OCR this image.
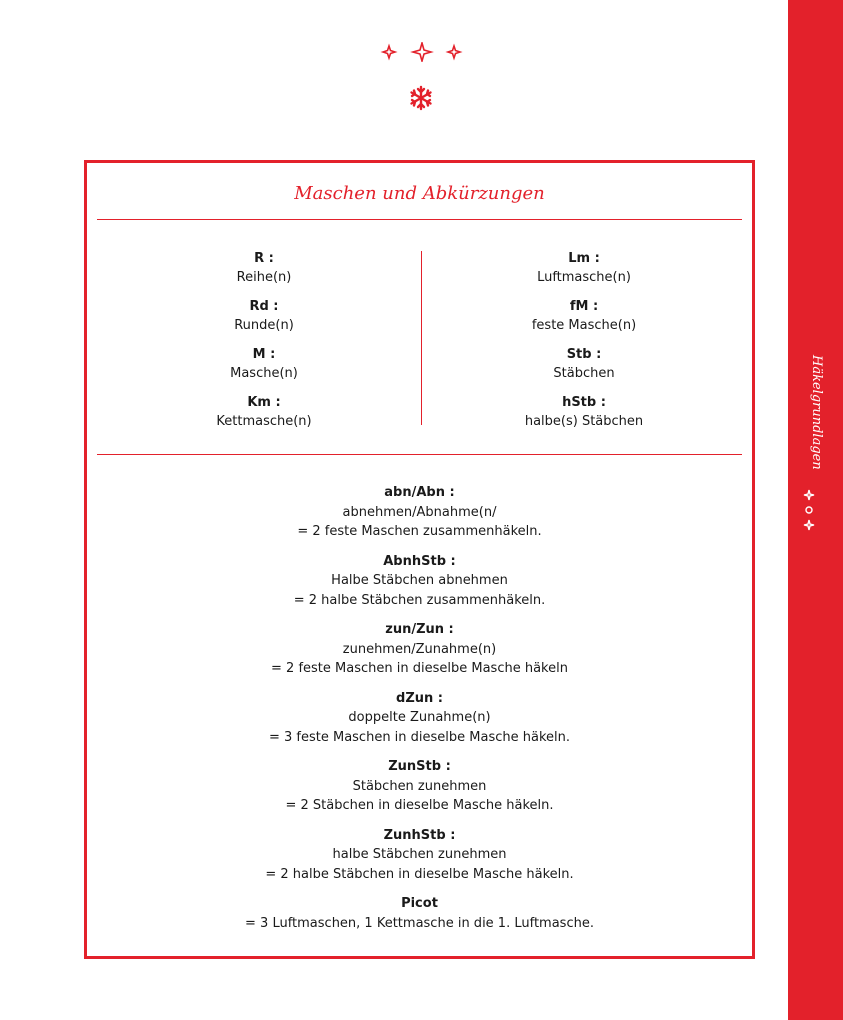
Maschen und Abkürzungen
R :
Reihe(n)
Rd :
Runde(n)
M :
Masche(n)
Km :
Kettmasche(n)
Lm :
Luftmasche(n)
fM :
feste Masche(n)
Stb :
Stäbchen
hStb :
halbe(s) Stäbchen
abn/Abn :
abnehmen/Abnahme(n/
= 2 feste Maschen zusammenhäkeln.
AbnhStb :
Halbe Stäbchen abnehmen
= 2 halbe Stäbchen zusammenhäkeln.
zun/Zun :
zunehmen/Zunahme(n)
= 2 feste Maschen in dieselbe Masche häkeln
dZun :
doppelte Zunahme(n)
= 3 feste Maschen in dieselbe Masche häkeln.
ZunStb :
Stäbchen zunehmen
= 2 Stäbchen in dieselbe Masche häkeln.
ZunhStb :
halbe Stäbchen zunehmen
= 2 halbe Stäbchen in dieselbe Masche häkeln.
Picot
= 3 Luftmaschen, 1 Kettmasche in die 1. Luftmasche.
Häkelgrundlagen
